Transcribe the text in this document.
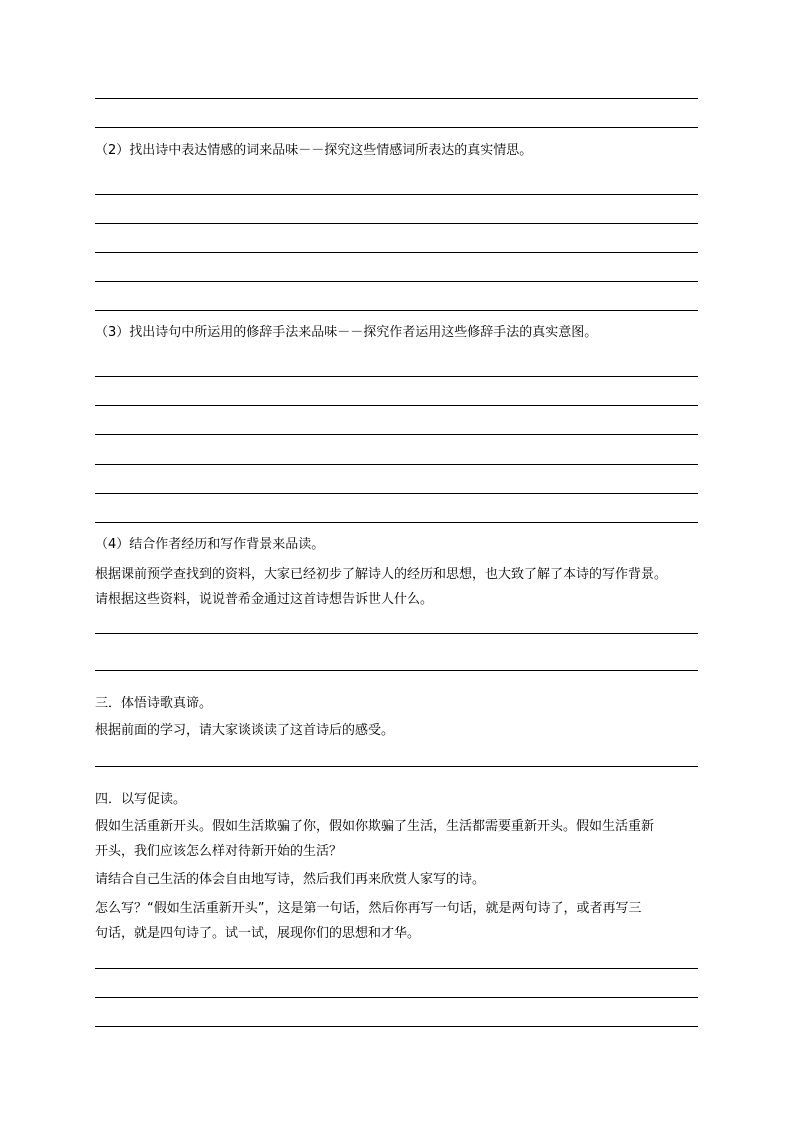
（2）找出诗中表达情感的词来品味－－探究这些情感词所表达的真实情思。

（3）找出诗句中所运用的修辞手法来品味－－探究作者运用这些修辞手法的真实意图。

（4）结合作者经历和写作背景来品读。

根据课前预学查找到的资料，大家已经初步了解诗人的经历和思想，也大致了解了本诗的写作背景。

请根据这些资料，说说普希金通过这首诗想告诉世人什么。

三．体悟诗歌真谛。

根据前面的学习，请大家谈谈读了这首诗后的感受。

四．以写促读。

假如生活重新开头。假如生活欺骗了你，假如你欺骗了生活，生活都需要重新开头。假如生活重新

开头，我们应该怎么样对待新开始的生活？

请结合自己生活的体会自由地写诗，然后我们再来欣赏人家写的诗。

怎么写？“假如生活重新开头”，这是第一句话，然后你再写一句话，就是两句诗了，或者再写三

句话，就是四句诗了。试一试，展现你们的思想和才华。
